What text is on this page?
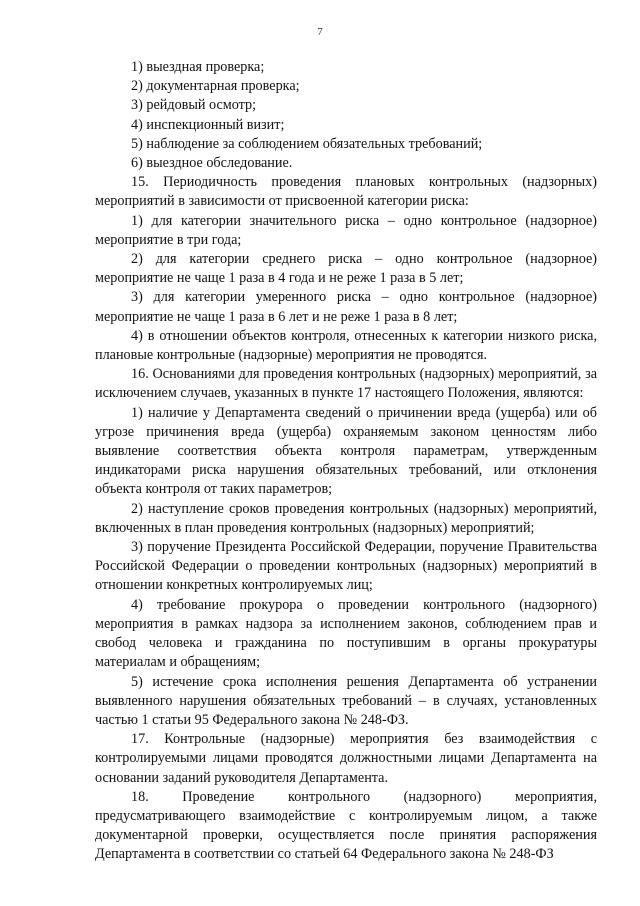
7

1) выездная проверка;

2) документарная проверка;

3) рейдовый осмотр;

4) инспекционный визит;

5) наблюдение за соблюдением обязательных требований;

6) выездное обследование.

15. Периодичность проведения плановых контрольных (надзорных) мероприятий в зависимости от присвоенной категории риска:

1) для категории значительного риска – одно контрольное (надзорное) мероприятие в три года;

2) для категории среднего риска – одно контрольное (надзорное) мероприятие не чаще 1 раза в 4 года и не реже 1 раза в 5 лет;

3) для категории умеренного риска – одно контрольное (надзорное) мероприятие не чаще 1 раза в 6 лет и не реже 1 раза в 8 лет;

4) в отношении объектов контроля, отнесенных к категории низкого риска, плановые контрольные (надзорные) мероприятия не проводятся.

16. Основаниями для проведения контрольных (надзорных) мероприятий, за исключением случаев, указанных в пункте 17 настоящего Положения, являются:

1) наличие у Департамента сведений о причинении вреда (ущерба) или об угрозе причинения вреда (ущерба) охраняемым законом ценностям либо выявление соответствия объекта контроля параметрам, утвержденным индикаторами риска нарушения обязательных требований, или отклонения объекта контроля от таких параметров;

2) наступление сроков проведения контрольных (надзорных) мероприятий, включенных в план проведения контрольных (надзорных) мероприятий;

3) поручение Президента Российской Федерации, поручение Правительства Российской Федерации о проведении контрольных (надзорных) мероприятий в отношении конкретных контролируемых лиц;

4) требование прокурора о проведении контрольного (надзорного) мероприятия в рамках надзора за исполнением законов, соблюдением прав и свобод человека и гражданина по поступившим в органы прокуратуры материалам и обращениям;

5) истечение срока исполнения решения Департамента об устранении выявленного нарушения обязательных требований – в случаях, установленных частью 1 статьи 95 Федерального закона № 248-ФЗ.

17. Контрольные (надзорные) мероприятия без взаимодействия с контролируемыми лицами проводятся должностными лицами Департамента на основании заданий руководителя Департамента.

18. Проведение контрольного (надзорного) мероприятия, предусматривающего взаимодействие с контролируемым лицом, а также документарной проверки, осуществляется после принятия распоряжения Департамента в соответствии со статьей 64 Федерального закона № 248-ФЗ
